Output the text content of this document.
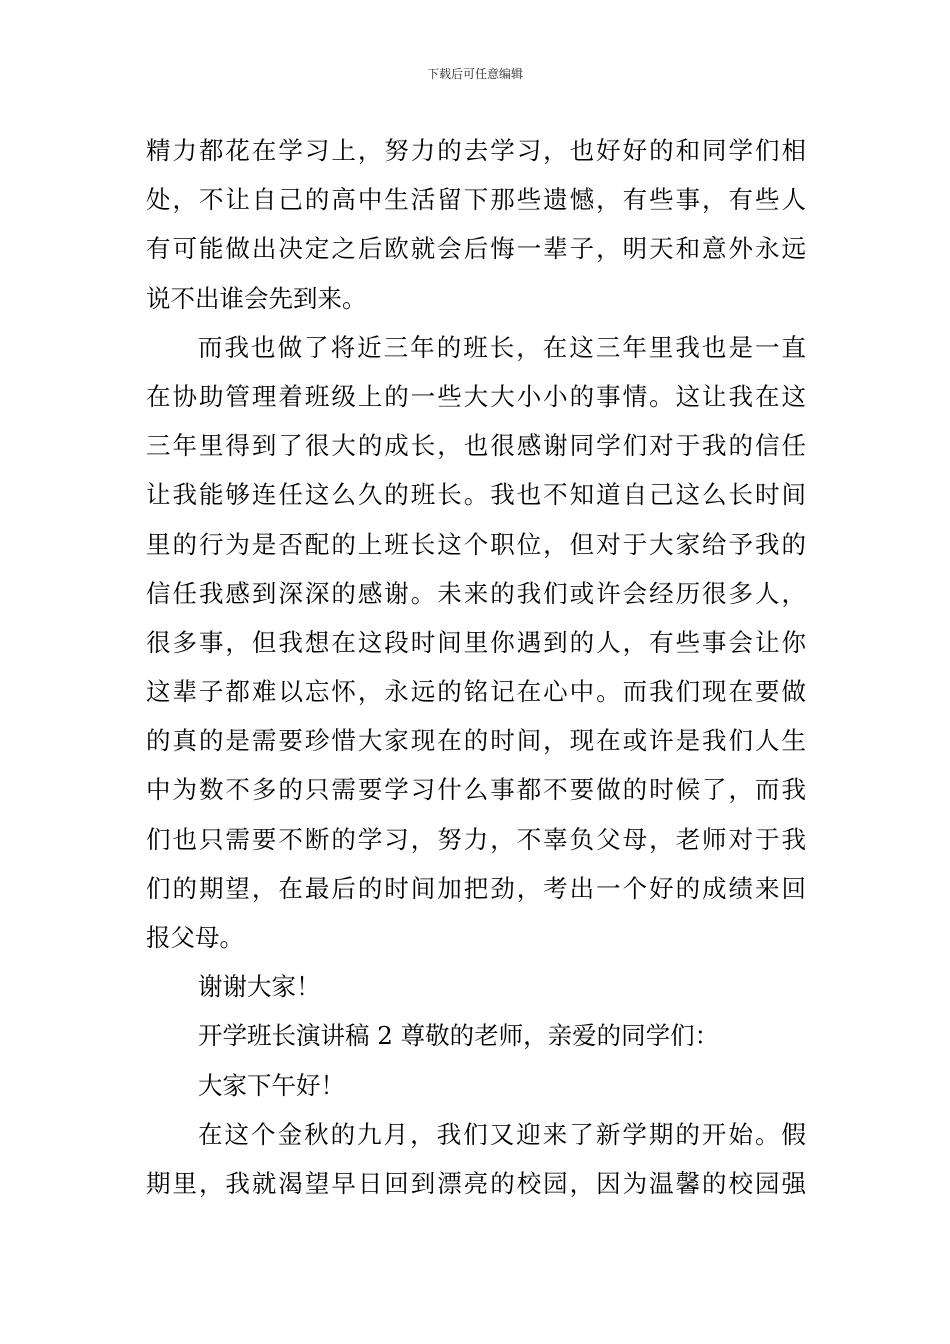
下载后可任意编辑
精力都花在学习上，努力的去学习，也好好的和同学们相
处，不让自己的高中生活留下那些遗憾，有些事，有些人
有可能做出决定之后欧就会后悔一辈子，明天和意外永远
说不出谁会先到来。
而我也做了将近三年的班长，在这三年里我也是一直
在协助管理着班级上的一些大大小小的事情。这让我在这
三年里得到了很大的成长，也很感谢同学们对于我的信任
让我能够连任这么久的班长。我也不知道自己这么长时间
里的行为是否配的上班长这个职位，但对于大家给予我的
信任我感到深深的感谢。未来的我们或许会经历很多人，
很多事，但我想在这段时间里你遇到的人，有些事会让你
这辈子都难以忘怀，永远的铭记在心中。而我们现在要做
的真的是需要珍惜大家现在的时间，现在或许是我们人生
中为数不多的只需要学习什么事都不要做的时候了，而我
们也只需要不断的学习，努力，不辜负父母，老师对于我
们的期望，在最后的时间加把劲，考出一个好的成绩来回
报父母。
谢谢大家！
开学班长演讲稿 2 尊敬的老师，亲爱的同学们：
大家下午好！
在这个金秋的九月，我们又迎来了新学期的开始。假
期里，我就渴望早日回到漂亮的校园，因为温馨的校园强
